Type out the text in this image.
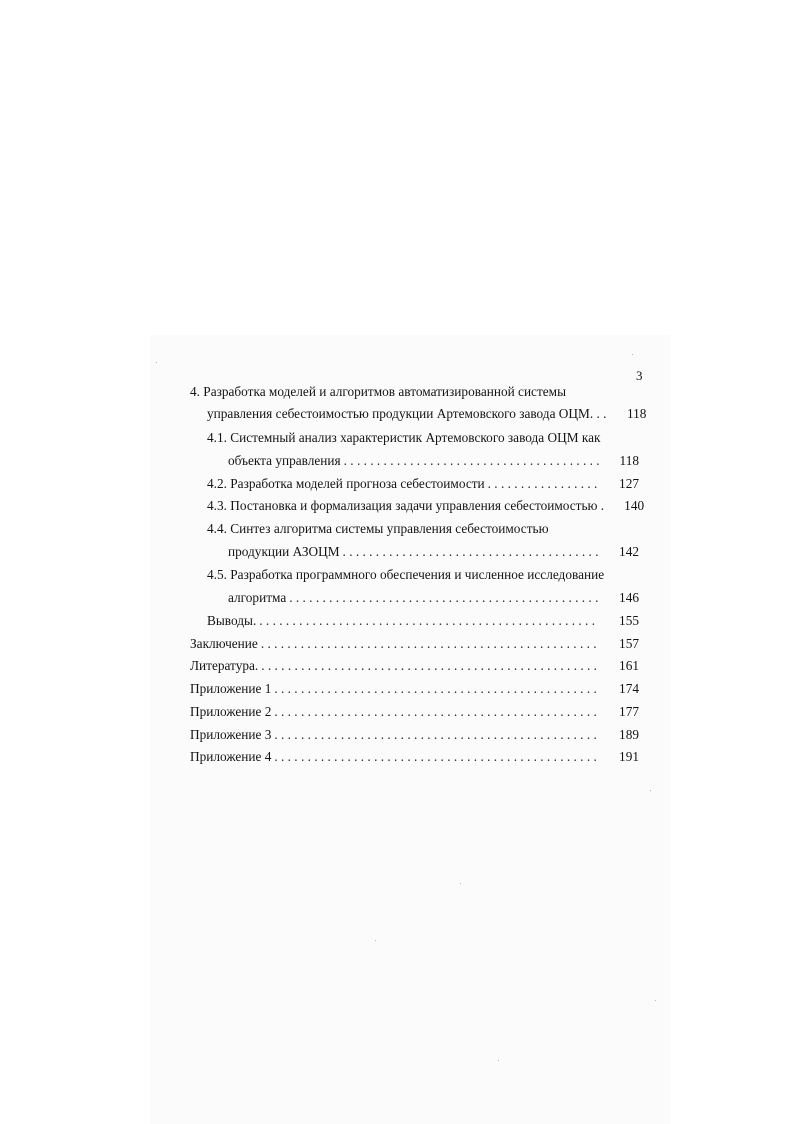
3
4. Разработка моделей и алгоритмов автоматизированной системы
управления себестоимостью продукции Артемовского завода ОЦМ. . .	118
4.1. Системный анализ характеристик Артемовского завода ОЦМ как
объекта управления . . .	118
4.2. Разработка моделей прогноза себестоимости . . .	127
4.3. Постановка и формализация задачи управления себестоимостью .	140
4.4. Синтез алгоритма системы управления себестоимостью
продукции АЗОЦМ . . .	142
4.5. Разработка программного обеспечения и численное исследование
алгоритма . . .	146
Выводы. . . .	155
Заключение . . .	157
Литература. . . .	161
Приложение 1 . . .	174
Приложение 2 . . .	177
Приложение 3 . . .	189
Приложение 4 . . .	191
